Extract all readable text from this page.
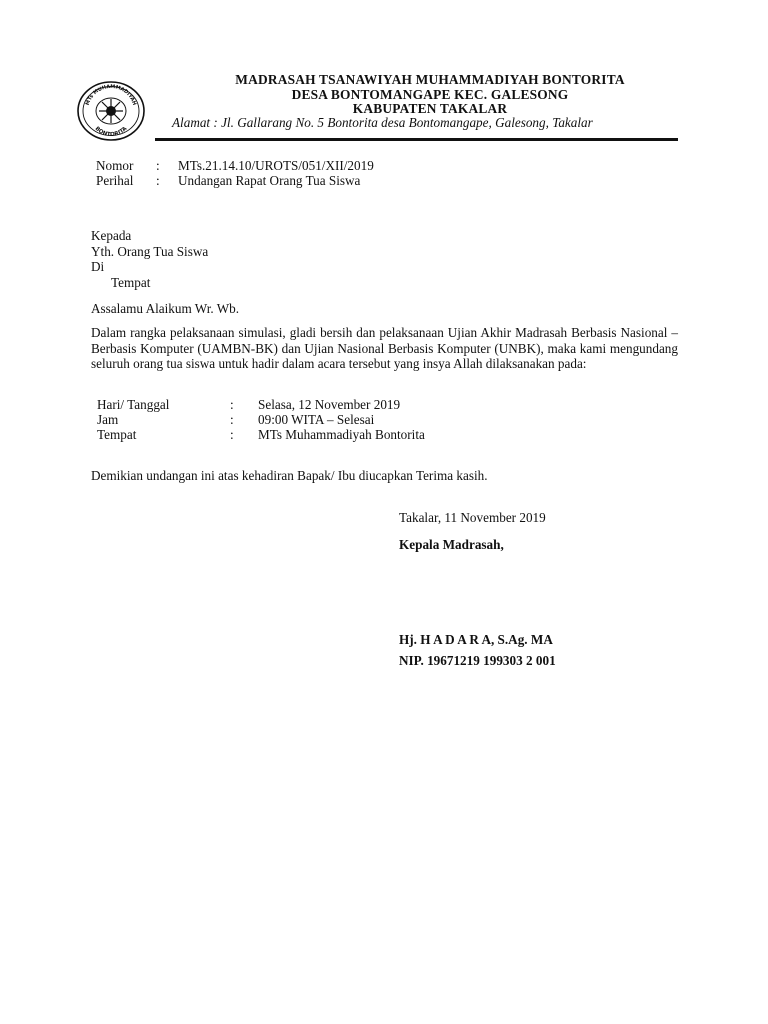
MTs MUHAMMADIYAH
BONTORITA
MADRASAH TSANAWIYAH MUHAMMADIYAH BONTORITA
DESA BONTOMANGAPE KEC. GALESONG
KABUPATEN TAKALAR
Alamat : Jl. Gallarang No. 5 Bontorita desa Bontomangape, Galesong, Takalar
Nomor : MTs.21.14.10/UROTS/051/XII/2019
Perihal : Undangan Rapat Orang Tua Siswa
Kepada
Yth. Orang Tua Siswa
Di
Tempat
Assalamu Alaikum Wr. Wb.
Dalam rangka pelaksanaan simulasi, gladi bersih dan pelaksanaan Ujian Akhir Madrasah Berbasis Nasional – Berbasis Komputer (UAMBN-BK) dan Ujian Nasional Berbasis Komputer (UNBK), maka kami mengundang seluruh orang tua siswa untuk hadir dalam acara tersebut yang insya Allah dilaksanakan pada:
Hari/ Tanggal	: Selasa, 12 November 2019
Jam	: 09:00 WITA – Selesai
Tempat	: MTs Muhammadiyah Bontorita
Demikian undangan ini atas kehadiran Bapak/ Ibu diucapkan Terima kasih.
Takalar, 11 November 2019
Kepala Madrasah,
Hj. H A D A R A, S.Ag. MA
NIP. 19671219 199303 2 001
